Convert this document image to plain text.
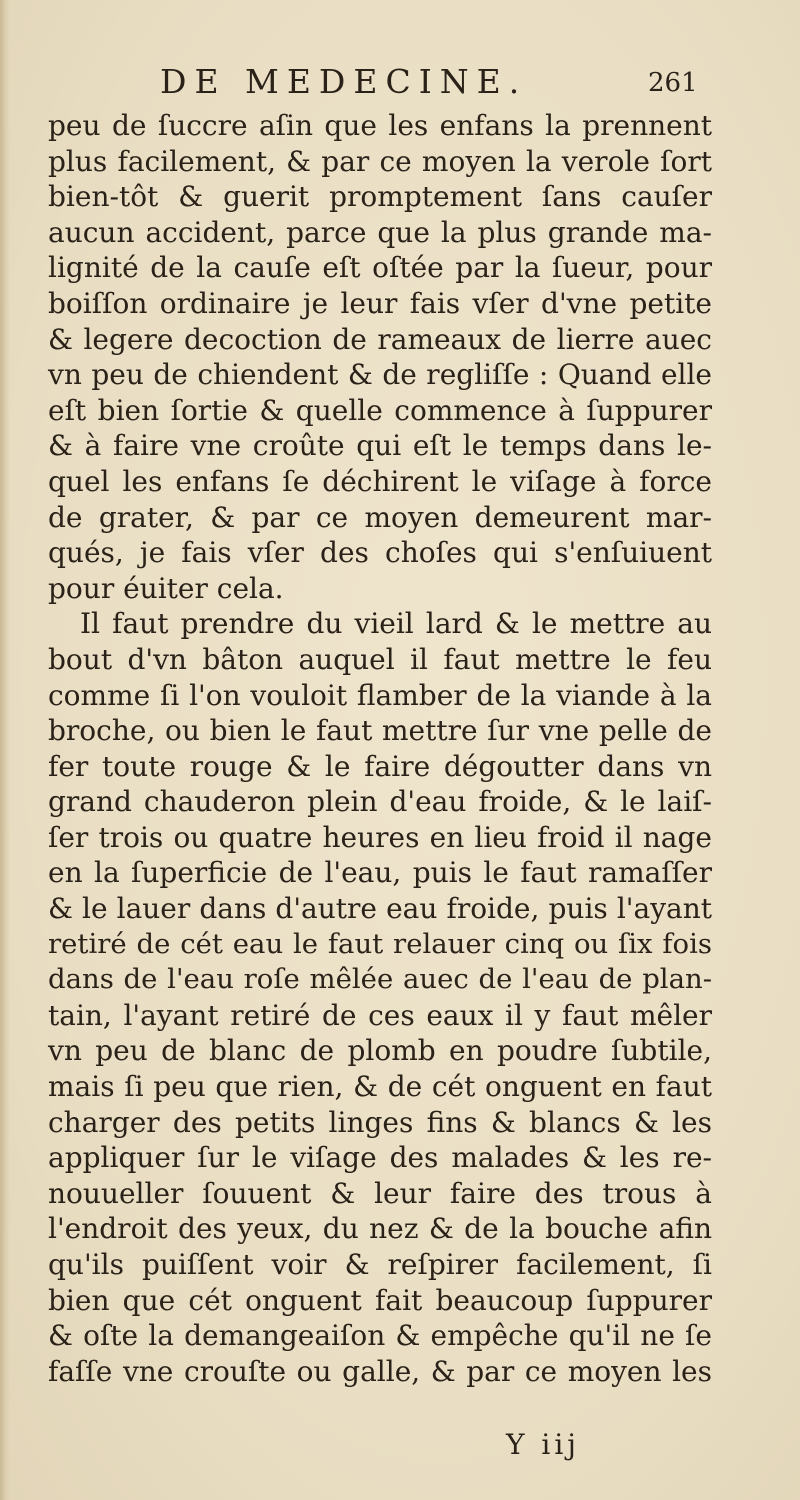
DE MEDECINE.	261
peu de ſuccre aſin que les enfans la prennent
plus facilement, & par ce moyen la verole ſort
bien-tôt & guerit promptement ſans cauſer
aucun accident, parce que la plus grande ma-
lignité de la cauſe eſt oſtée par la ſueur, pour
boiſſon ordinaire je leur fais vſer d'vne petite
& legere decoction de rameaux de lierre auec
vn peu de chiendent & de regliſſe : Quand elle
eſt bien ſortie & quelle commence à ſuppurer
& à faire vne croûte qui eſt le temps dans le-
quel les enfans ſe déchirent le viſage à force
de grater, & par ce moyen demeurent mar-
qués, je fais vſer des choſes qui s'enſuiuent
pour éuiter cela.
Il faut prendre du vieil lard & le mettre au
bout d'vn bâton auquel il faut mettre le feu
comme ſi l'on vouloit flamber de la viande à la
broche, ou bien le faut mettre ſur vne pelle de
fer toute rouge & le faire dégoutter dans vn
grand chauderon plein d'eau froide, & le laiſ-
ſer trois ou quatre heures en lieu froid il nage
en la ſuperficie de l'eau, puis le faut ramaſſer
& le lauer dans d'autre eau froide, puis l'ayant
retiré de cét eau le faut relauer cinq ou ſix fois
dans de l'eau roſe mêlée auec de l'eau de plan-
tain, l'ayant retiré de ces eaux il y faut mêler
vn peu de blanc de plomb en poudre ſubtile,
mais ſi peu que rien, & de cét onguent en faut
charger des petits linges fins & blancs & les
appliquer ſur le viſage des malades & les re-
nouueller ſouuent & leur faire des trous à
l'endroit des yeux, du nez & de la bouche afin
qu'ils puiſſent voir & reſpirer facilement, ſi
bien que cét onguent fait beaucoup ſuppurer
& oſte la demangeaiſon & empêche qu'il ne ſe
faſſe vne crouſte ou galle, & par ce moyen les
Y iij
